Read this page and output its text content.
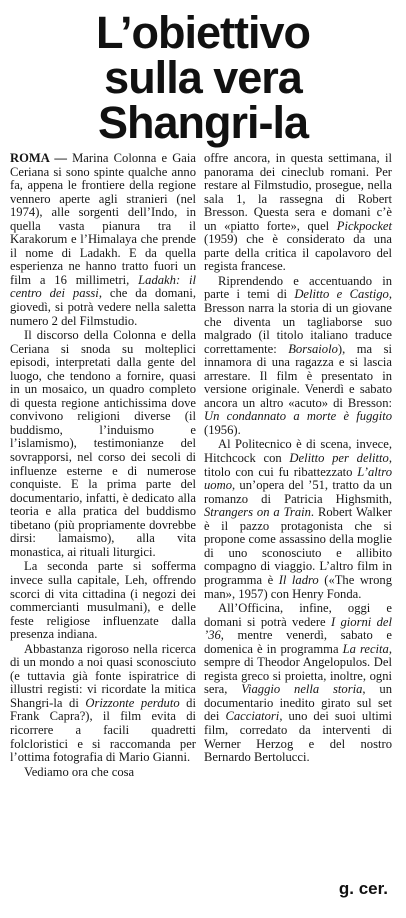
L’obiettivo
sulla vera
Shangri-la

ROMA — Marina Colonna e Gaia Ceriana si sono spinte qualche anno fa, appena le frontiere della regione vennero aperte agli stranieri (nel 1974), alle sorgenti dell’Indo, in quella vasta pianura tra il Karakorum e l’Himalaya che prende il nome di Ladakh. E da quella esperienza ne hanno tratto fuori un film a 16 millimetri, Ladakh: il centro dei passi, che da domani, giovedì, si potrà vedere nella saletta numero 2 del Filmstudio.

Il discorso della Colonna e della Ceriana si snoda su molteplici episodi, interpretati dalla gente del luogo, che tendono a fornire, quasi in un mosaico, un quadro completo di questa regione antichissima dove convivono religioni diverse (il buddismo, l’induismo e l’islamismo), testimonianze del sovrapporsi, nel corso dei secoli di influenze esterne e di numerose conquiste. E la prima parte del documentario, infatti, è dedicato alla teoria e alla pratica del buddismo tibetano (più propriamente dovrebbe dirsi: lamaismo), alla vita monastica, ai rituali liturgici.

La seconda parte si sofferma invece sulla capitale, Leh, offrendo scorci di vita cittadina (i negozi dei commercianti musulmani), e delle feste religiose influenzate dalla presenza indiana.

Abbastanza rigoroso nella ricerca di un mondo a noi quasi sconosciuto (e tuttavia già fonte ispiratrice di illustri registi: vi ricordate la mitica Shangri-la di Orizzonte perduto di Frank Capra?), il film evita di ricorrere a facili quadretti folcloristici e si raccomanda per l’ottima fotografia di Mario Gianni.

Vediamo ora che cosa

offre ancora, in questa settimana, il panorama dei cineclub romani. Per restare al Filmstudio, prosegue, nella sala 1, la rassegna di Robert Bresson. Questa sera e domani c’è un «piatto forte», quel Pickpocket (1959) che è considerato da una parte della critica il capolavoro del regista francese.

Riprendendo e accentuando in parte i temi di Delitto e Castigo, Bresson narra la storia di un giovane che diventa un tagliaborse suo malgrado (il titolo italiano traduce correttamente: Borsaiolo), ma si innamora di una ragazza e si lascia arrestare. Il film è presentato in versione originale. Venerdì e sabato ancora un altro «acuto» di Bresson: Un condannato a morte è fuggito (1956).

Al Politecnico è di scena, invece, Hitchcock con Delitto per delitto, titolo con cui fu ribattezzato L’altro uomo, un’opera del ’51, tratto da un romanzo di Patricia Highsmith, Strangers on a Train. Robert Walker è il pazzo protagonista che si propone come assassino della moglie di uno sconosciuto e allibito compagno di viaggio. L’altro film in programma è Il ladro («The wrong man», 1957) con Henry Fonda.

All’Officina, infine, oggi e domani si potrà vedere I giorni del ’36, mentre venerdì, sabato e domenica è in programma La recita, sempre di Theodor Angelopulos. Del regista greco si proietta, inoltre, ogni sera, Viaggio nella storia, un documentario inedito girato sul set dei Cacciatori, uno dei suoi ultimi film, corredato da interventi di Werner Herzog e del nostro Bernardo Bertolucci.

g. cer.
